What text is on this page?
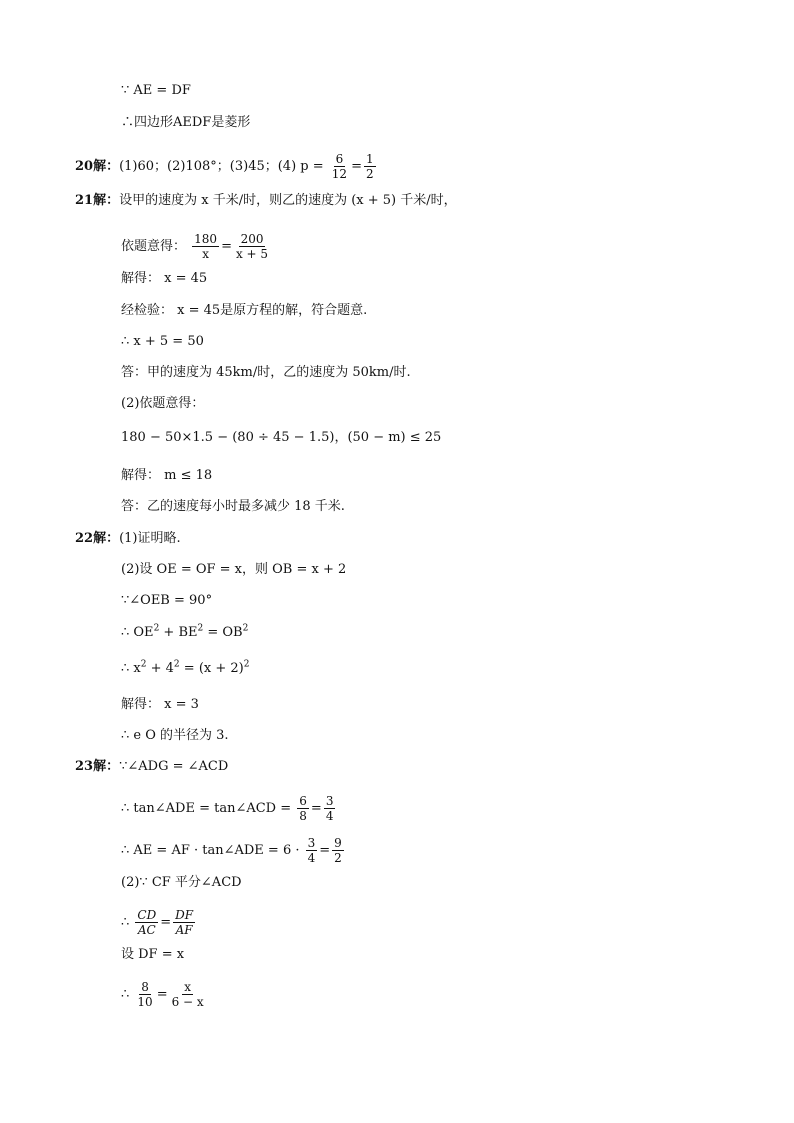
∵ AE = DF
∴四边形AEDF是菱形
20解：(1)60；(2)108°；(3)45；(4) $p = \frac{6}{12} = \frac{1}{2}$
21解：设甲的速度为 x 千米/时，则乙的速度为 (x + 5) 千米/时，
依题意得： $\frac{180}{x} = \frac{200}{x + 5}$
解得： x = 45
经检验： x = 45是原方程的解，符合题意.
∴ x + 5 = 50
答：甲的速度为 45km/时，乙的速度为 50km/时.
(2)依题意得：
180 − 50×1.5 − (80 ÷ 45 − 1.5)，(50 − m) ≤ 25
解得： m ≤ 18
答：乙的速度每小时最多减少 18 千米.
22解：(1)证明略.
(2)设 OE = OF = x，则 OB = x + 2
∵∠OEB = 90°
∴ $OE^2 + BE^2 = OB^2$
∴ $x^2 + 4^2 = (x + 2)^2$
解得： x = 3
∴ e O 的半径为 3.
23解：∵∠ADG = ∠ACD
∴ tan∠ADE = tan∠ACD = $\frac{6}{8} = \frac{3}{4}$
∴ AE = AF · tan∠ADE = $6 \cdot \frac{3}{4} = \frac{9}{2}$
(2)∵ CF 平分∠ACD
∴ $\frac{CD}{AC} = \frac{DF}{AF}$
设 DF = x
∴ $\frac{8}{10} = \frac{x}{6 - x}$
